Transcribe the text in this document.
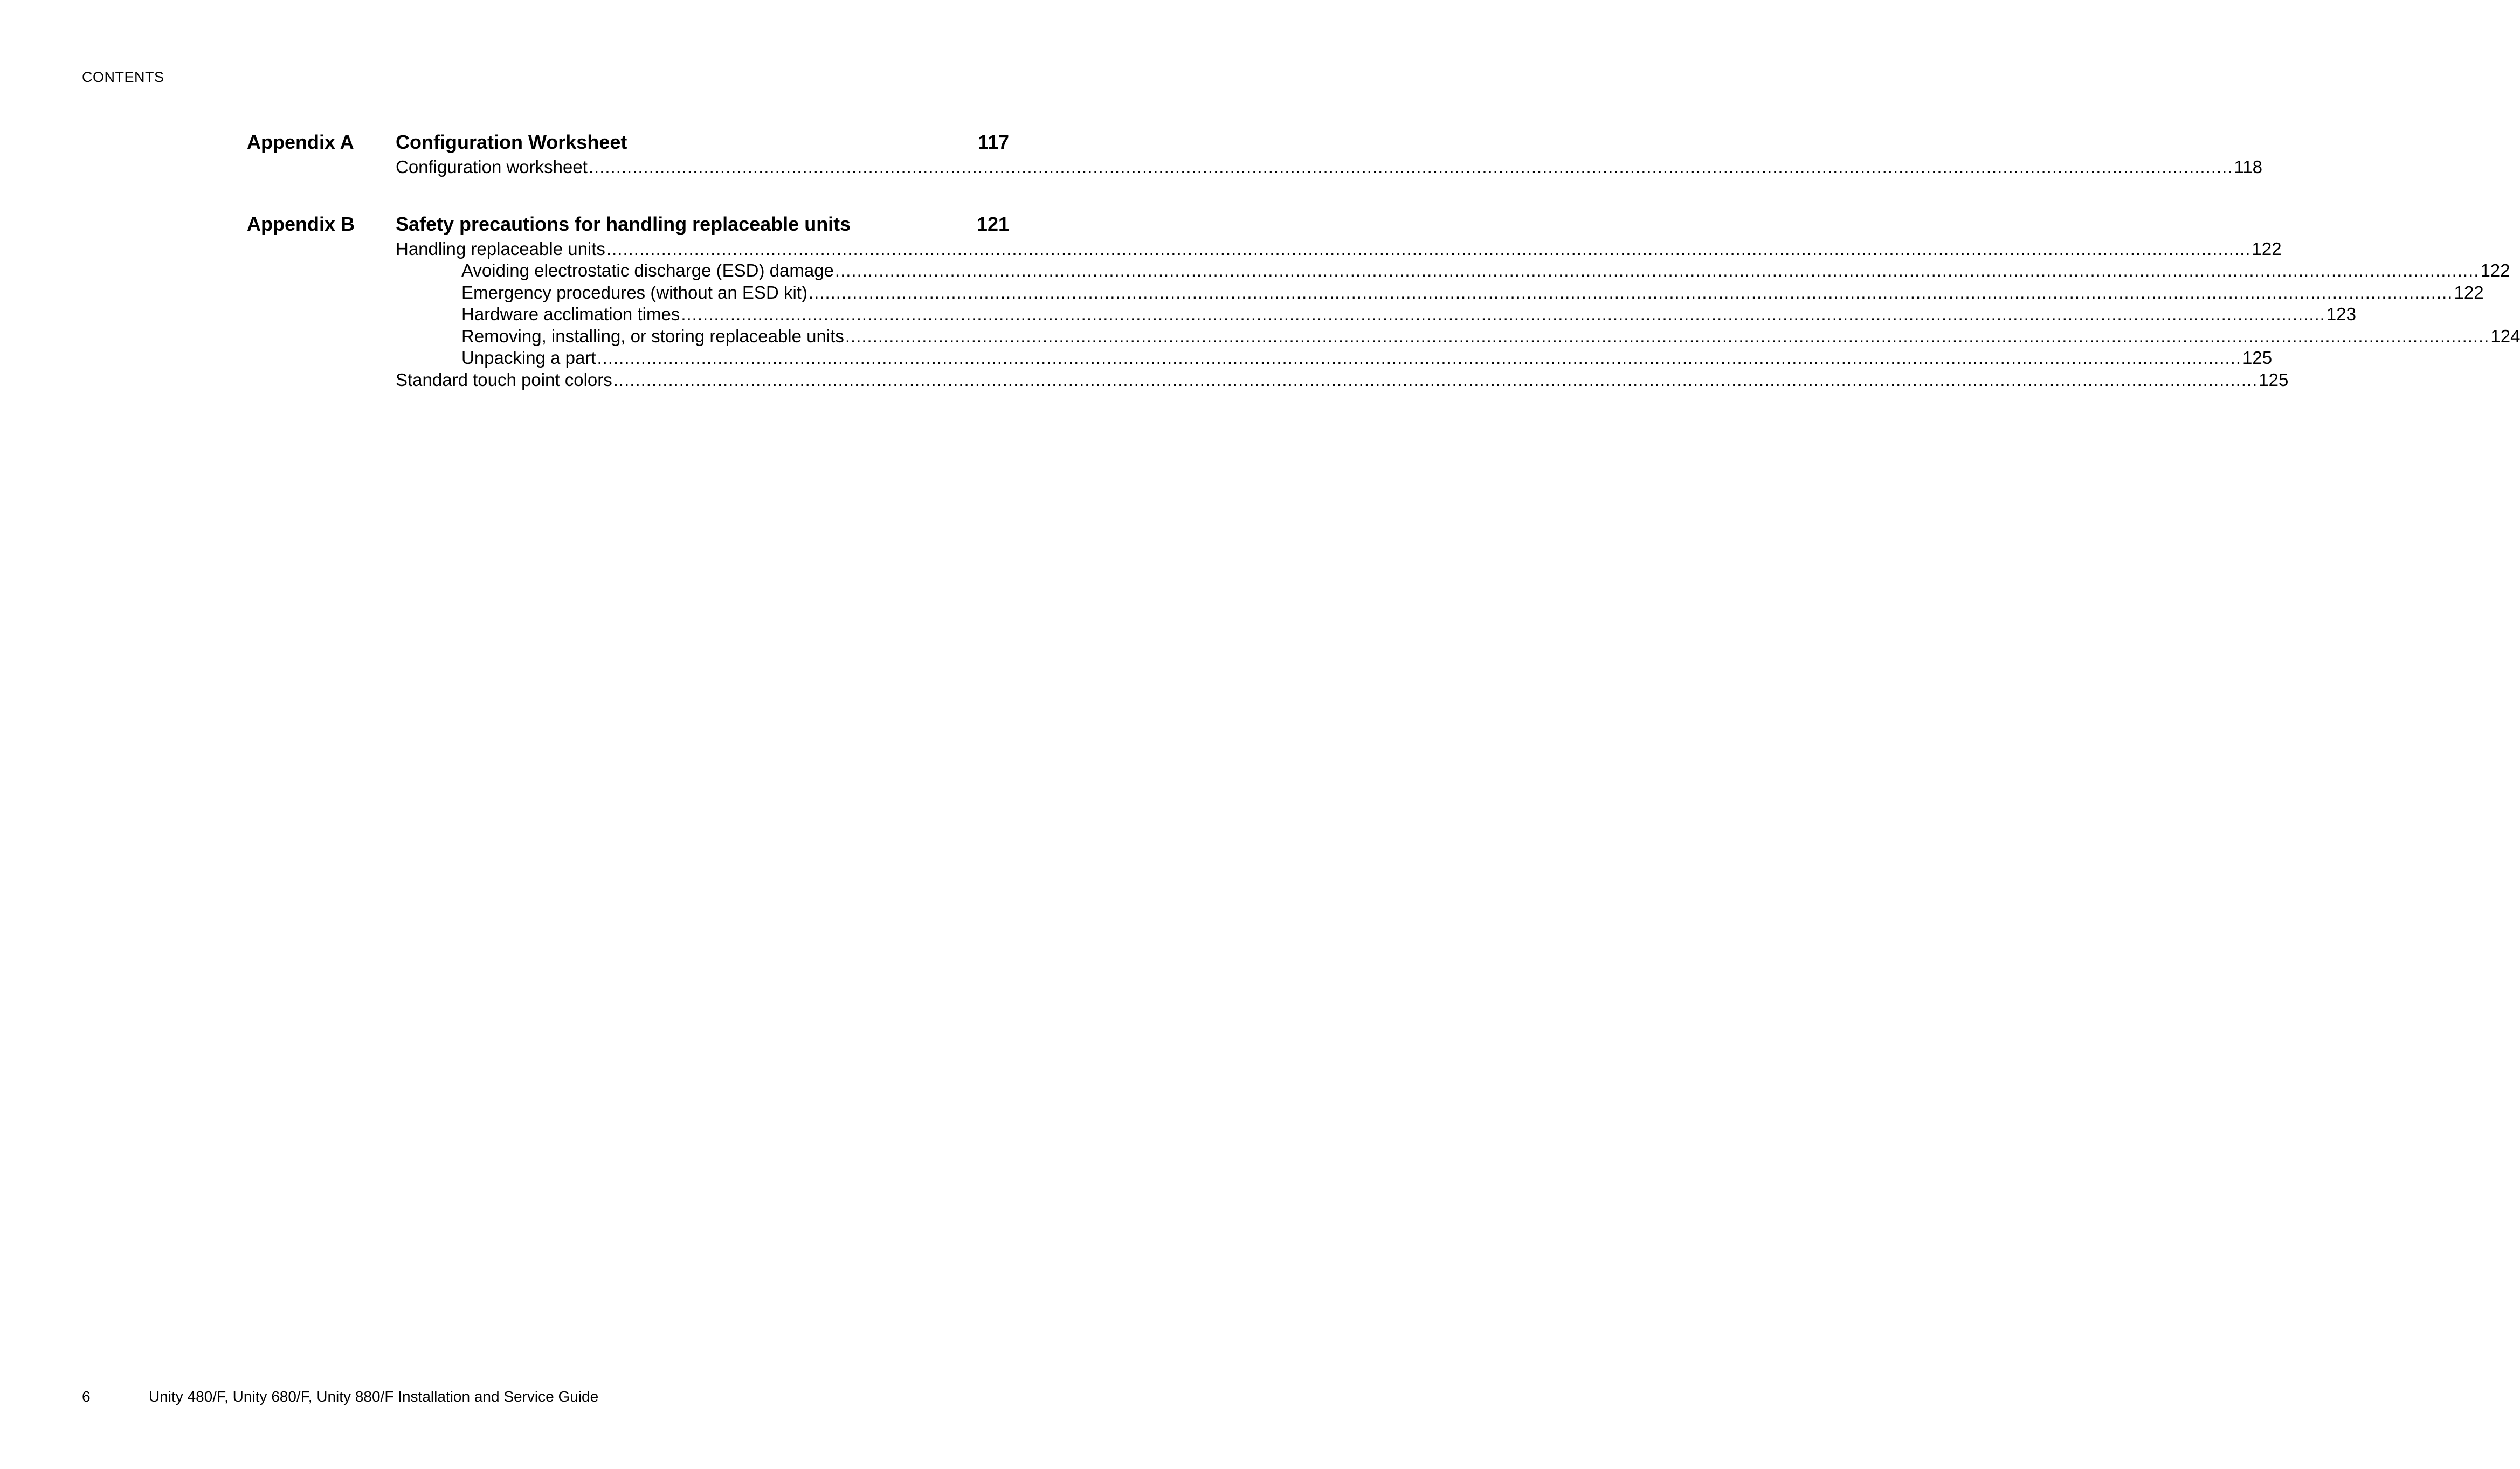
CONTENTS
Appendix A Configuration Worksheet	117
Configuration worksheet ............................................................................................................................................................................................................................................................................................................ 118
Appendix B Safety precautions for handling replaceable units	121
Handling replaceable units ............................................................................................................................................................................................................................................................................................................ 122
Avoiding electrostatic discharge (ESD) damage ............................................................................................................................................................................................................................................................................................................ 122
Emergency procedures (without an ESD kit) ............................................................................................................................................................................................................................................................................................................ 122
Hardware acclimation times ............................................................................................................................................................................................................................................................................................................ 123
Removing, installing, or storing replaceable units ............................................................................................................................................................................................................................................................................................................ 124
Unpacking a part ............................................................................................................................................................................................................................................................................................................ 125
Standard touch point colors ............................................................................................................................................................................................................................................................................................................ 125
6	Unity 480/F, Unity 680/F, Unity 880/F Installation and Service Guide
